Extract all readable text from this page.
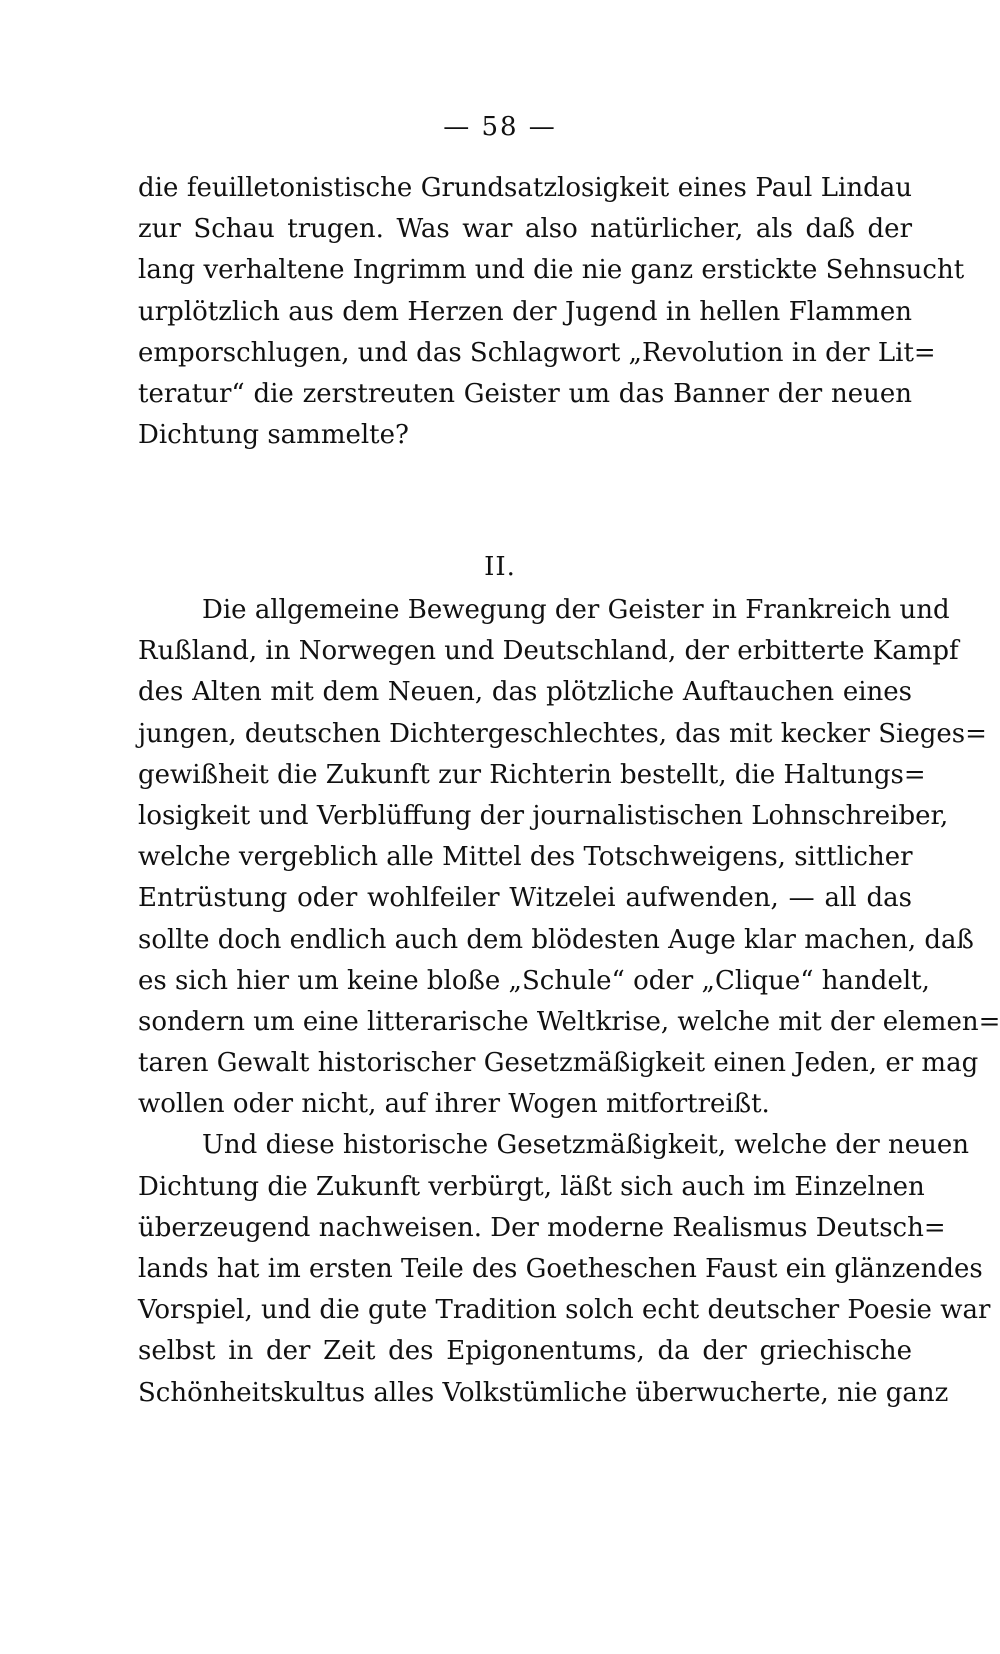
— 58 —
die feuilletonistische Grundsatzlosigkeit eines Paul Lindau
zur Schau trugen. Was war also natürlicher, als daß der
lang verhaltene Ingrimm und die nie ganz erstickte Sehnsucht
urplötzlich aus dem Herzen der Jugend in hellen Flammen
emporschlugen, und das Schlagwort „Revolution in der Lit=
teratur“ die zerstreuten Geister um das Banner der neuen
Dichtung sammelte?
II.
Die allgemeine Bewegung der Geister in Frankreich und
Rußland, in Norwegen und Deutschland, der erbitterte Kampf
des Alten mit dem Neuen, das plötzliche Auftauchen eines
jungen, deutschen Dichtergeschlechtes, das mit kecker Sieges=
gewißheit die Zukunft zur Richterin bestellt, die Haltungs=
losigkeit und Verblüffung der journalistischen Lohnschreiber,
welche vergeblich alle Mittel des Totschweigens, sittlicher
Entrüstung oder wohlfeiler Witzelei aufwenden, — all das
sollte doch endlich auch dem blödesten Auge klar machen, daß
es sich hier um keine bloße „Schule“ oder „Clique“ handelt,
sondern um eine litterarische Weltkrise, welche mit der elemen=
taren Gewalt historischer Gesetzmäßigkeit einen Jeden, er mag
wollen oder nicht, auf ihrer Wogen mitfortreißt.
Und diese historische Gesetzmäßigkeit, welche der neuen
Dichtung die Zukunft verbürgt, läßt sich auch im Einzelnen
überzeugend nachweisen. Der moderne Realismus Deutsch=
lands hat im ersten Teile des Goetheschen Faust ein glänzendes
Vorspiel, und die gute Tradition solch echt deutscher Poesie war
selbst in der Zeit des Epigonentums, da der griechische
Schönheitskultus alles Volkstümliche überwucherte, nie ganz
